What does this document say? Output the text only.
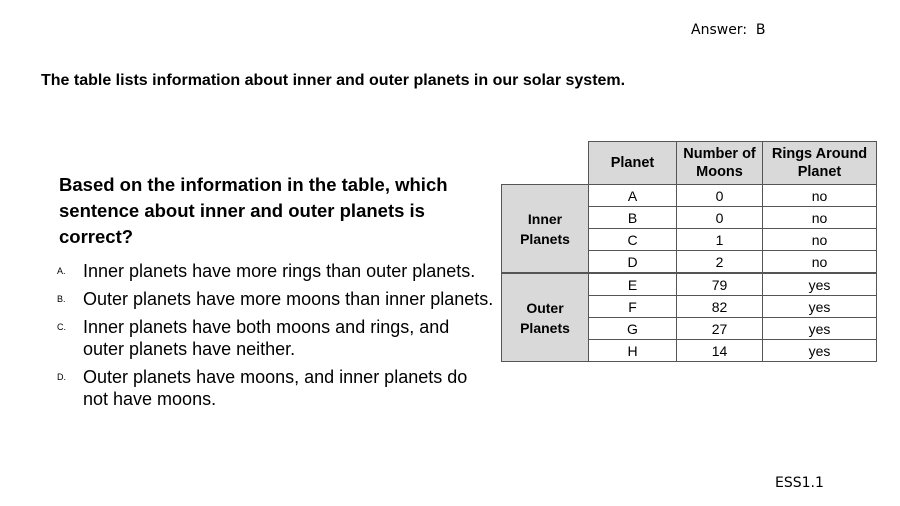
Answer:  B
The table lists information about inner and outer planets in our solar system.
Based on the information in the table, which sentence about inner and outer planets is correct?
A. Inner planets have more rings than outer planets.
B. Outer planets have more moons than inner planets.
C. Inner planets have both moons and rings, and outer planets have neither.
D. Outer planets have moons, and inner planets do not have moons.
	Planet	Number of Moons	Rings Around Planet
Inner Planets	A	0	no
	B	0	no
	C	1	no
	D	2	no
Outer Planets	E	79	yes
	F	82	yes
	G	27	yes
	H	14	yes
ESS1.1
